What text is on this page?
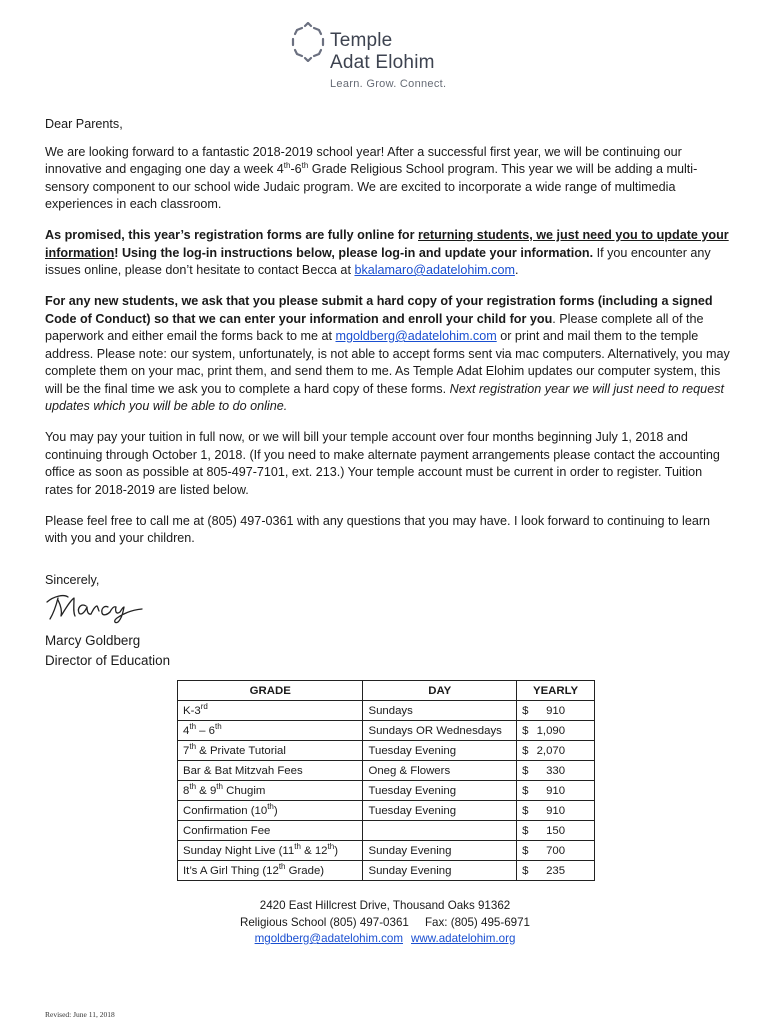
Temple
Adat Elohim
Learn. Grow. Connect.

Dear Parents,

We are looking forward to a fantastic 2018-2019 school year! After a successful first year, we will be continuing our innovative and engaging one day a week 4th-6th Grade Religious School program. This year we will be adding a multi-sensory component to our school wide Judaic program. We are excited to incorporate a wide range of multimedia experiences in each classroom.

As promised, this year’s registration forms are fully online for returning students, we just need you to update your information! Using the log-in instructions below, please log-in and update your information. If you encounter any issues online, please don’t hesitate to contact Becca at bkalamaro@adatelohim.com.

For any new students, we ask that you please submit a hard copy of your registration forms (including a signed Code of Conduct) so that we can enter your information and enroll your child for you. Please complete all of the paperwork and either email the forms back to me at mgoldberg@adatelohim.com or print and mail them to the temple address. Please note: our system, unfortunately, is not able to accept forms sent via mac computers. Alternatively, you may complete them on your mac, print them, and send them to me. As Temple Adat Elohim updates our computer system, this will be the final time we ask you to complete a hard copy of these forms. Next registration year we will just need to request updates which you will be able to do online.

You may pay your tuition in full now, or we will bill your temple account over four months beginning July 1, 2018 and continuing through October 1, 2018. (If you need to make alternate payment arrangements please contact the accounting office as soon as possible at 805-497-7101, ext. 213.) Your temple account must be current in order to register. Tuition rates for 2018-2019 are listed below.

Please feel free to call me at (805) 497-0361 with any questions that you may have. I look forward to continuing to learn with you and your children.

Sincerely,
Marcy Goldberg
Director of Education
GRADE	DAY	YEARLY
K-3rd	Sundays	$ 910

4th – 6th	Sundays OR Wednesdays	$ 1,090

7th & Private Tutorial	Tuesday Evening	$ 2,070

Bar & Bat Mitzvah Fees	Oneg & Flowers	$ 330

8th & 9th Chugim	Tuesday Evening	$ 910

Confirmation (10th)	Tuesday Evening	$ 910

Confirmation Fee		$ 150

Sunday Night Live (11th & 12th)	Sunday Evening	$ 700

It’s A Girl Thing (12th Grade)	Sunday Evening	$ 235
2420 East Hillcrest Drive, Thousand Oaks 91362
Religious School (805) 497-0361     Fax: (805) 495-6971
mgoldberg@adatelohim.com www.adatelohim.org
Revised: June 11, 2018
